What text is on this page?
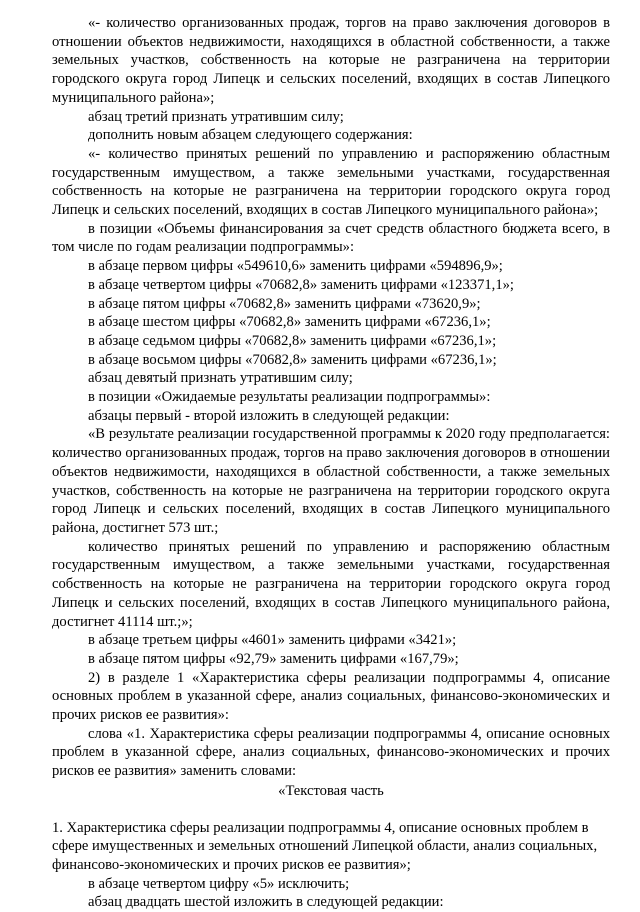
«- количество организованных продаж, торгов на право заключения договоров в отношении объектов недвижимости, находящихся в областной собственности, а также земельных участков, собственность на которые не разграничена на территории городского округа город Липецк и сельских поселений, входящих в состав Липецкого муниципального района»;

абзац третий признать утратившим силу;

дополнить новым абзацем следующего содержания:

«- количество принятых решений по управлению и распоряжению областным государственным имуществом, а также земельными участками, государственная собственность на которые не разграничена на территории городского округа город Липецк и сельских поселений, входящих в состав Липецкого муниципального района»;

в позиции «Объемы финансирования за счет средств областного бюджета всего, в том числе по годам реализации подпрограммы»:

в абзаце первом цифры «549610,6» заменить цифрами «594896,9»;

в абзаце четвертом цифры «70682,8» заменить цифрами «123371,1»;

в абзаце пятом цифры «70682,8» заменить цифрами «73620,9»;

в абзаце шестом цифры «70682,8» заменить цифрами «67236,1»;

в абзаце седьмом цифры «70682,8» заменить цифрами «67236,1»;

в абзаце восьмом цифры «70682,8» заменить цифрами «67236,1»;

абзац девятый признать утратившим силу;

в позиции «Ожидаемые результаты реализации подпрограммы»:

абзацы первый - второй изложить в следующей редакции:

«В результате реализации государственной программы к 2020 году предполагается: количество организованных продаж, торгов на право заключения договоров в отношении объектов недвижимости, находящихся в областной собственности, а также земельных участков, собственность на которые не разграничена на территории городского округа город Липецк и сельских поселений, входящих в состав Липецкого муниципального района, достигнет 573 шт.;

количество принятых решений по управлению и распоряжению областным государственным имуществом, а также земельными участками, государственная собственность на которые не разграничена на территории городского округа город Липецк и сельских поселений, входящих в состав Липецкого муниципального района, достигнет 41114 шт.;»;

в абзаце третьем цифры «4601» заменить цифрами «3421»;

в абзаце пятом цифры «92,79» заменить цифрами «167,79»;

2) в разделе 1 «Характеристика сферы реализации подпрограммы 4, описание основных проблем в указанной сфере, анализ социальных, финансово-экономических и прочих рисков ее развития»:

слова «1. Характеристика сферы реализации подпрограммы 4, описание основных проблем в указанной сфере, анализ социальных, финансово-экономических и прочих рисков ее развития» заменить словами:

«Текстовая часть

1. Характеристика сферы реализации подпрограммы 4, описание основных проблем в сфере имущественных и земельных отношений Липецкой области, анализ социальных, финансово-экономических и прочих рисков ее развития»;

в абзаце четвертом цифру «5» исключить;

абзац двадцать шестой изложить в следующей редакции:
